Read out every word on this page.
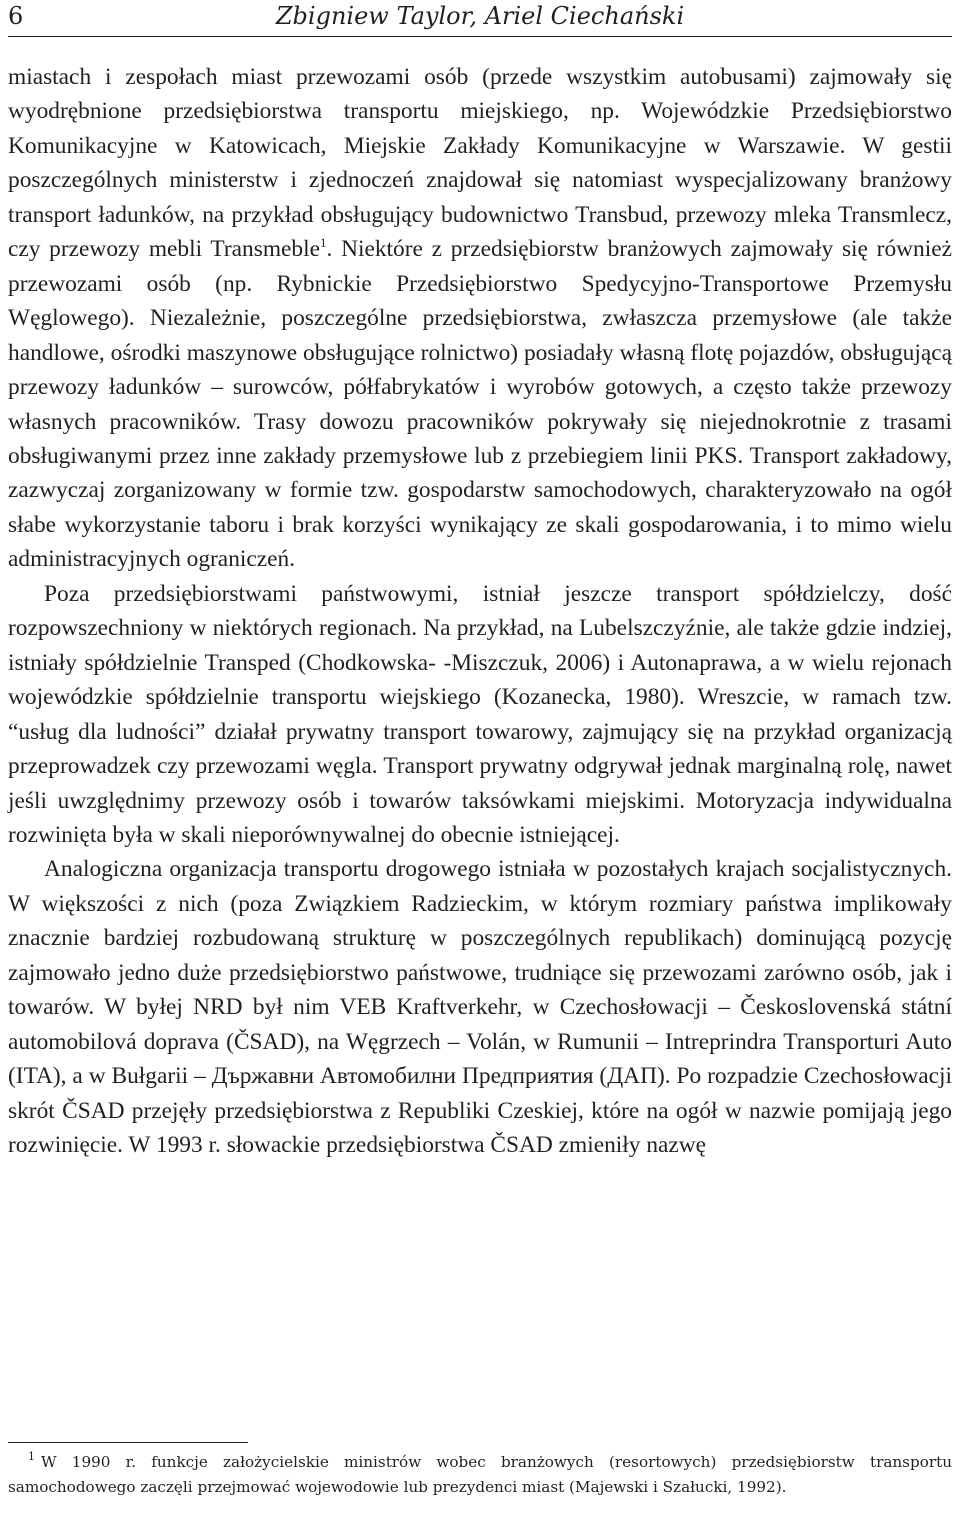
6	Zbigniew Taylor, Ariel Ciechański

miastach i zespołach miast przewozami osób (przede wszystkim autobusami) zajmowały się wyodrębnione przedsiębiorstwa transportu miejskiego, np. Wojewódzkie Przedsiębiorstwo Komunikacyjne w Katowicach, Miejskie Zakłady Komunikacyjne w Warszawie. W gestii poszczególnych ministerstw i zjednoczeń znajdował się natomiast wyspecjalizowany branżowy transport ładunków, na przykład obsługujący budownictwo Transbud, przewozy mleka Transmlecz, czy przewozy mebli Transmeble$^1$. Niektóre z przedsiębiorstw branżowych zajmowały się również przewozami osób (np. Rybnickie Przedsiębiorstwo Spedycyjno-Transportowe Przemysłu Węglowego). Niezależnie, poszczególne przedsiębiorstwa, zwłaszcza przemysłowe (ale także handlowe, ośrodki maszynowe obsługujące rolnictwo) posiadały własną flotę pojazdów, obsługującą przewozy ładunków – surowców, półfabrykatów i wyrobów gotowych, a często także przewozy własnych pracowników. Trasy dowozu pracowników pokrywały się niejednokrotnie z trasami obsługiwanymi przez inne zakłady przemysłowe lub z przebiegiem linii PKS. Transport zakładowy, zazwyczaj zorganizowany w formie tzw. gospodarstw samochodowych, charakteryzowało na ogół słabe wykorzystanie taboru i brak korzyści wynikający ze skali gospodarowania, i to mimo wielu administracyjnych ograniczeń.

Poza przedsiębiorstwami państwowymi, istniał jeszcze transport spółdzielczy, dość rozpowszechniony w niektórych regionach. Na przykład, na Lubelszczyźnie, ale także gdzie indziej, istniały spółdzielnie Transped (Chodkowska- -Miszczuk, 2006) i Autonaprawa, a w wielu rejonach wojewódzkie spółdzielnie transportu wiejskiego (Kozanecka, 1980). Wreszcie, w ramach tzw. “usług dla ludności” działał prywatny transport towarowy, zajmujący się na przykład organizacją przeprowadzek czy przewozami węgla. Transport prywatny odgrywał jednak marginalną rolę, nawet jeśli uwzględnimy przewozy osób i towarów taksówkami miejskimi. Motoryzacja indywidualna rozwinięta była w skali nieporównywalnej do obecnie istniejącej.

Analogiczna organizacja transportu drogowego istniała w pozostałych krajach socjalistycznych. W większości z nich (poza Związkiem Radzieckim, w którym rozmiary państwa implikowały znacznie bardziej rozbudowaną strukturę w poszczególnych republikach) dominującą pozycję zajmowało jedno duże przedsiębiorstwo państwowe, trudniące się przewozami zarówno osób, jak i towarów. W byłej NRD był nim VEB Kraftverkehr, w Czechosłowacji – Československá státní automobilová doprava (ČSAD), na Węgrzech – Volán, w Rumunii – Intreprindra Transporturi Auto (ITA), a w Bułgarii – Държавни Автомобилни Предприятия (ДАП). Po rozpadzie Czechosłowacji skrót ČSAD przejęły przedsiębiorstwa z Republiki Czeskiej, które na ogół w nazwie pomijają jego rozwinięcie. W 1993 r. słowackie przedsiębiorstwa ČSAD zmieniły nazwę

$^1$ W 1990 r. funkcje założycielskie ministrów wobec branżowych (resortowych) przedsiębiorstw transportu samochodowego zaczęli przejmować wojewodowie lub prezydenci miast (Majewski i Szałucki, 1992).
